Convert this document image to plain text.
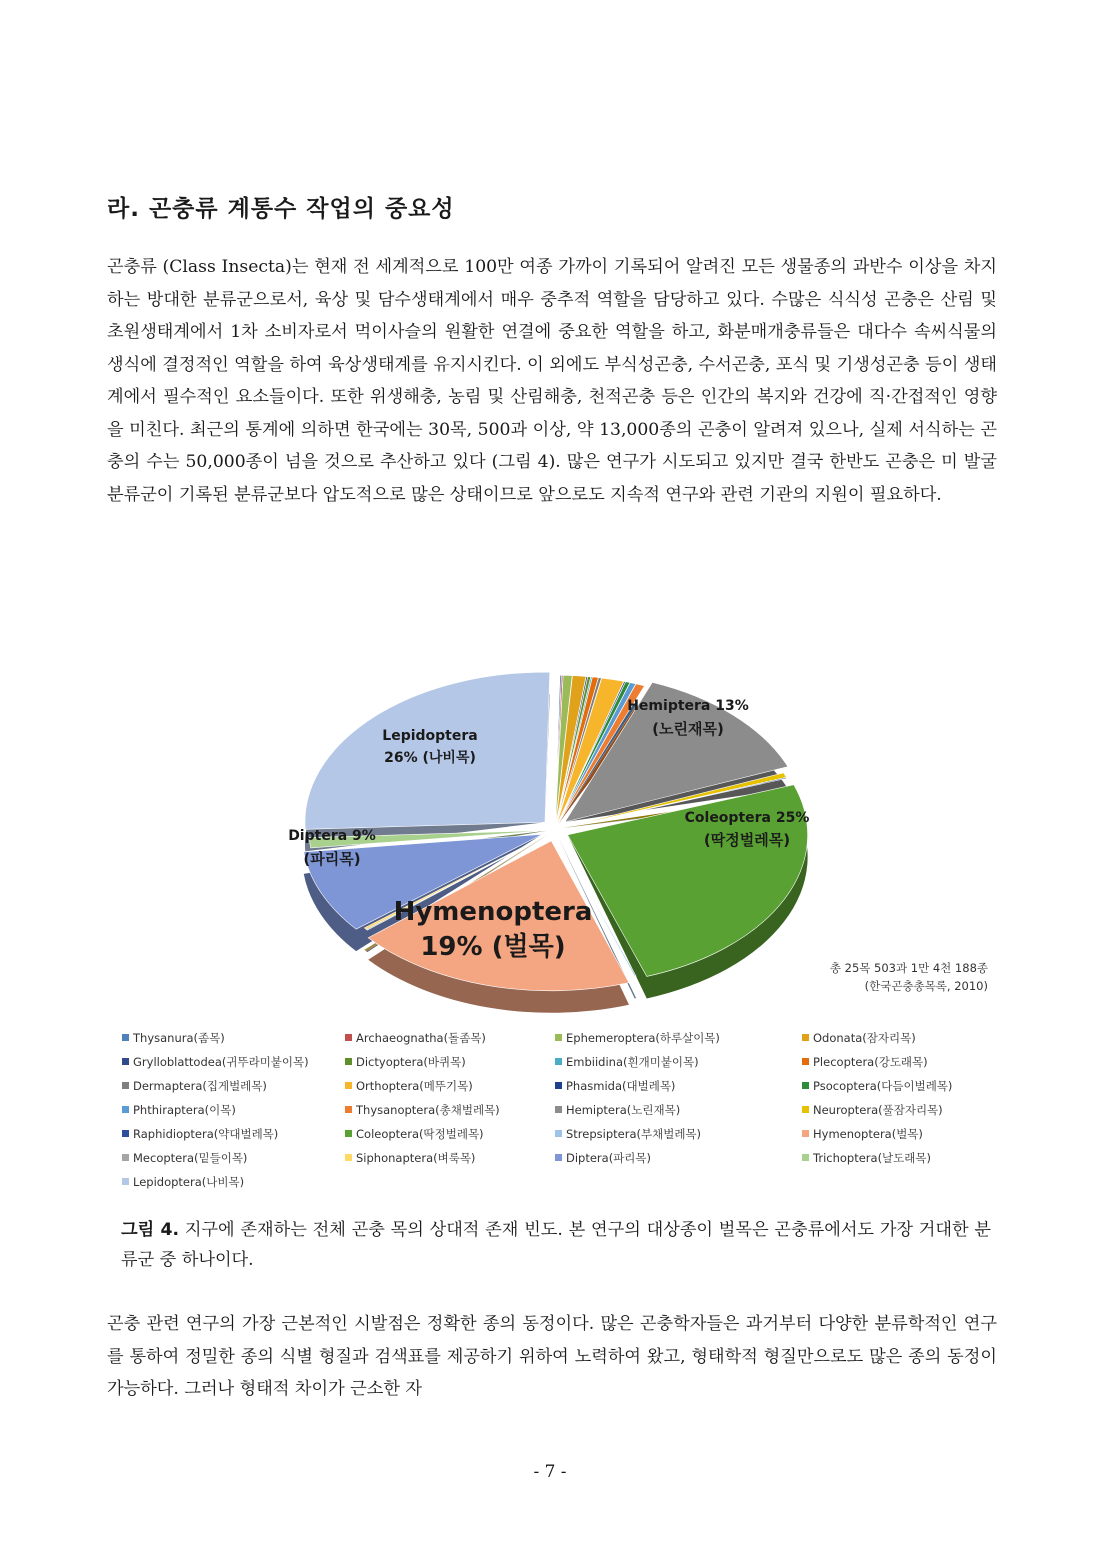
라. 곤충류 계통수 작업의 중요성

곤충류 (Class Insecta)는 현재 전 세계적으로 100만 여종 가까이 기록되어 알려진 모든 생물종의 과반수 이상을 차지하는 방대한 분류군으로서, 육상 및 담수생태계에서 매우 중추적 역할을 담당하고 있다. 수많은 식식성 곤충은 산림 및 초원생태계에서 1차 소비자로서 먹이사슬의 원활한 연결에 중요한 역할을 하고, 화분매개충류들은 대다수 속씨식물의 생식에 결정적인 역할을 하여 육상생태계를 유지시킨다. 이 외에도 부식성곤충, 수서곤충, 포식 및 기생성곤충 등이 생태계에서 필수적인 요소들이다. 또한 위생해충, 농림 및 산림해충, 천적곤충 등은 인간의 복지와 건강에 직·간접적인 영향을 미친다. 최근의 통계에 의하면 한국에는 30목, 500과 이상, 약 13,000종의 곤충이 알려져 있으나, 실제 서식하는 곤충의 수는 50,000종이 넘을 것으로 추산하고 있다 (그림 4). 많은 연구가 시도되고 있지만 결국 한반도 곤충은 미 발굴 분류군이 기록된 분류군보다 압도적으로 많은 상태이므로 앞으로도 지속적 연구와 관련 기관의 지원이 필요하다.

Lepidoptera
26% (나비목)
Hemiptera 13%
(노린재목)
Coleoptera 25%
(딱정벌레목)
Diptera 9%
(파리목)
Hymenoptera
19% (벌목)
총 25목 503과 1만 4천 188종
(한국곤충총목록, 2010)
Thysanura(좀목)	Archaeognatha(돌좀목)	Ephemeroptera(하루살이목)	Odonata(잠자리목)
Grylloblattodea(귀뚜라미붙이목)	Dictyoptera(바퀴목)	Embiidina(흰개미붙이목)	Plecoptera(강도래목)
Dermaptera(집게벌레목)	Orthoptera(메뚜기목)	Phasmida(대벌레목)	Psocoptera(다듬이벌레목)
Phthiraptera(이목)	Thysanoptera(총채벌레목)	Hemiptera(노린재목)	Neuroptera(풀잠자리목)
Raphidioptera(약대벌레목)	Coleoptera(딱정벌레목)	Strepsiptera(부채벌레목)	Hymenoptera(벌목)
Mecoptera(밑들이목)	Siphonaptera(벼룩목)	Diptera(파리목)	Trichoptera(날도래목)
Lepidoptera(나비목)

그림 4. 지구에 존재하는 전체 곤충 목의 상대적 존재 빈도. 본 연구의 대상종이 벌목은 곤충류에서도 가장 거대한 분류군 중 하나이다.

곤충 관련 연구의 가장 근본적인 시발점은 정확한 종의 동정이다. 많은 곤충학자들은 과거부터 다양한 분류학적인 연구를 통하여 정밀한 종의 식별 형질과 검색표를 제공하기 위하여 노력하여 왔고, 형태학적 형질만으로도 많은 종의 동정이 가능하다. 그러나 형태적 차이가 근소한 자

- 7 -
